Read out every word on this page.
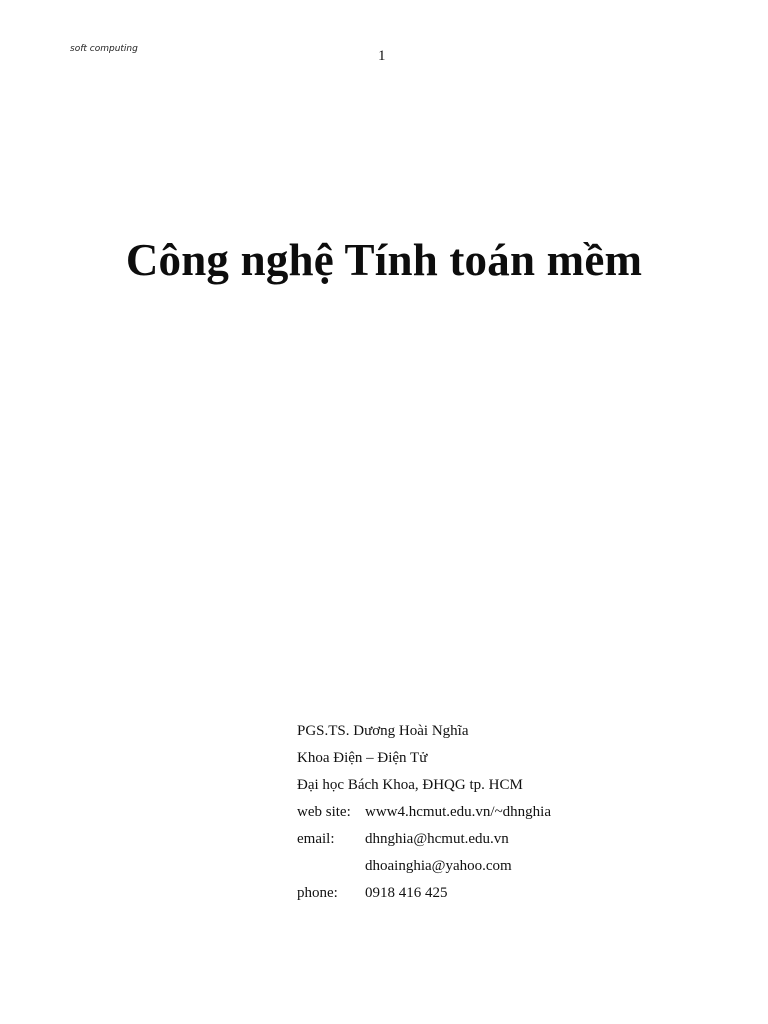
soft computing	1
Công nghệ Tính toán mềm
PGS.TS. Dương Hoài Nghĩa
Khoa Điện – Điện Tử
Đại học Bách Khoa, ĐHQG tp. HCM
web site: www4.hcmut.edu.vn/~dhnghia
email:	dhnghia@hcmut.edu.vn
dhoainghia@yahoo.com
phone:	0918 416 425
